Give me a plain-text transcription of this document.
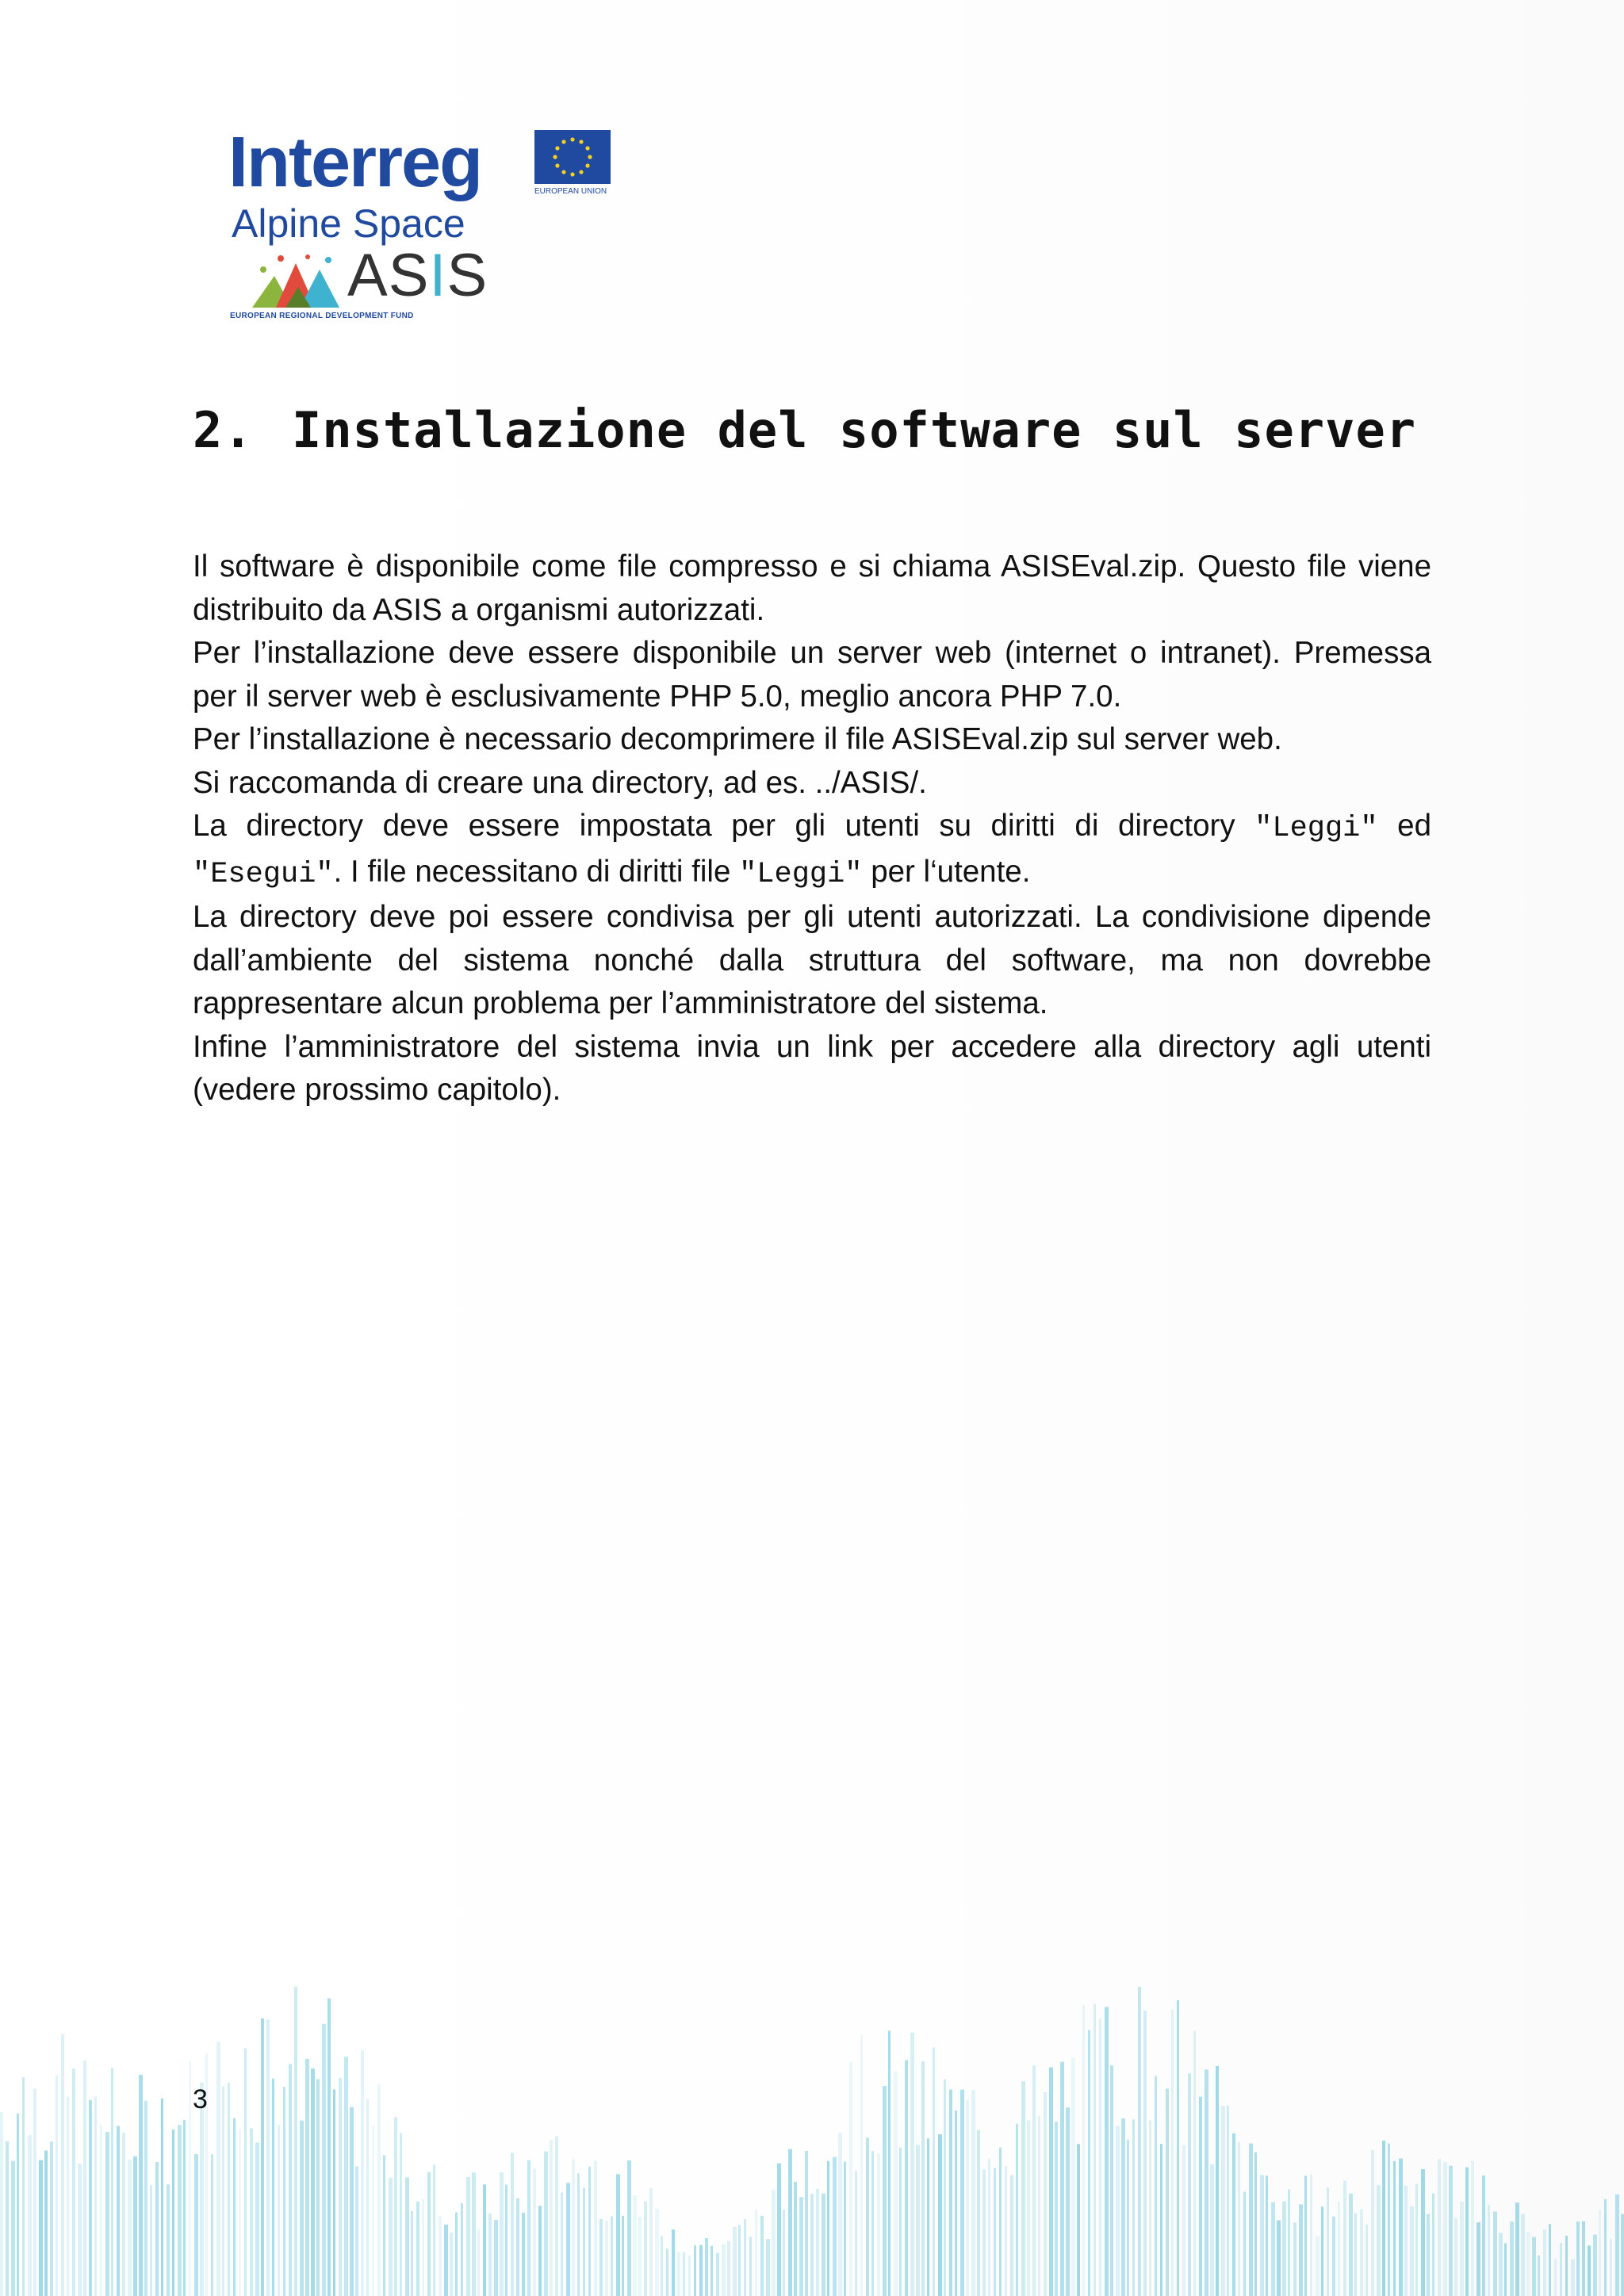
Interreg
Alpine Space
ASIS
EUROPEAN REGIONAL DEVELOPMENT FUND
EUROPEAN UNION
2. Installazione del software sul server

Il software è disponibile come file compresso e si chiama ASISEval.zip. Questo file viene distribuito da ASIS a organismi autorizzati.

Per l’installazione deve essere disponibile un server web (internet o intranet). Premessa per il server web è esclusivamente PHP 5.0, meglio ancora PHP 7.0.

Per l’installazione è necessario decomprimere il file ASISEval.zip sul server web.

Si raccomanda di creare una directory, ad es. ../ASIS/.

La directory deve essere impostata per gli utenti su diritti di directory "Leggi" ed "Esegui". I file necessitano di diritti file "Leggi" per l‘utente.

La directory deve poi essere condivisa per gli utenti autorizzati. La condivisione dipende dall’ambiente del sistema nonché dalla struttura del software, ma non dovrebbe rappresentare alcun problema per l’amministratore del sistema.

Infine l’amministratore del sistema invia un link per accedere alla directory agli utenti (vedere prossimo capitolo).

3
